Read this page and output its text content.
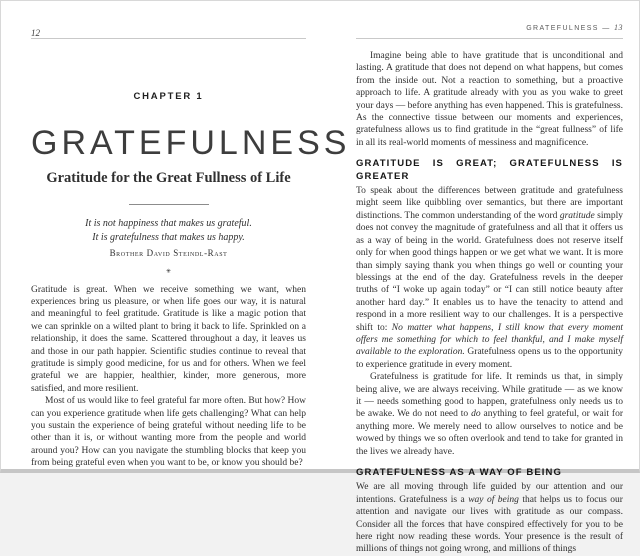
12
CHAPTER 1
GRATEFULNESS
Gratitude for the Great Fullness of Life
It is not happiness that makes us grateful.
It is gratefulness that makes us happy.
Brother David Steindl-Rast
✳

Gratitude is great. When we receive something we want, when experiences bring us pleasure, or when life goes our way, it is natural and meaningful to feel gratitude. Gratitude is like a magic potion that we can sprinkle on a wilted plant to bring it back to life. Sprinkled on a relationship, it does the same. Scattered throughout a day, it leaves us and those in our path happier. Scientific studies continue to reveal that gratitude is simply good medicine, for us and for others. When we feel grateful we are happier, healthier, kinder, more generous, more satisfied, and more resilient.

Most of us would like to feel grateful far more often. But how? How can you experience gratitude when life gets challenging? What can help you sustain the experience of being grateful without needing life to be other than it is, or without wanting more from the people and world around you? How can you navigate the stumbling blocks that keep you from being grateful even when you want to be, or know you should be?

GRATEFULNESS — 13

Imagine being able to have gratitude that is unconditional and lasting. A gratitude that does not depend on what happens, but comes from the inside out. Not a reaction to something, but a proactive approach to life. A gratitude already with you as you wake to greet your days — before anything has even happened. This is gratefulness. As the connective tissue between our moments and experiences, gratefulness allows us to find gratitude in the “great fullness” of life in all its real-world moments of messiness and magnificence.

GRATITUDE IS GREAT; GRATEFULNESS IS GREATER

To speak about the differences between gratitude and gratefulness might seem like quibbling over semantics, but there are important distinctions. The common understanding of the word gratitude simply does not convey the magnitude of gratefulness and all that it offers us as a way of being in the world. Gratefulness does not reserve itself only for when good things happen or we get what we want. It is more than simply saying thank you when things go well or counting your blessings at the end of the day. Gratefulness revels in the deeper truths of “I woke up again today” or “I can still notice beauty after another hard day.” It enables us to have the tenacity to attend and respond in a more resilient way to our challenges. It is a perspective shift to: No matter what happens, I still know that every moment offers me something for which to feel thankful, and I make myself available to the exploration. Gratefulness opens us to the opportunity to experience gratitude in every moment.

Gratefulness is gratitude for life. It reminds us that, in simply being alive, we are always receiving. While gratitude — as we know it — needs something good to happen, gratefulness only needs us to be awake. We do not need to do anything to feel grateful, or wait for anything more. We merely need to allow ourselves to notice and be wowed by things we so often overlook and tend to take for granted in the lives we already have.

GRATEFULNESS AS A WAY OF BEING

We are all moving through life guided by our attention and our intentions. Gratefulness is a way of being that helps us to focus our attention and navigate our lives with gratitude as our compass. Consider all the forces that have conspired effectively for you to be here right now reading these words. Your presence is the result of millions of things not going wrong, and millions of things
